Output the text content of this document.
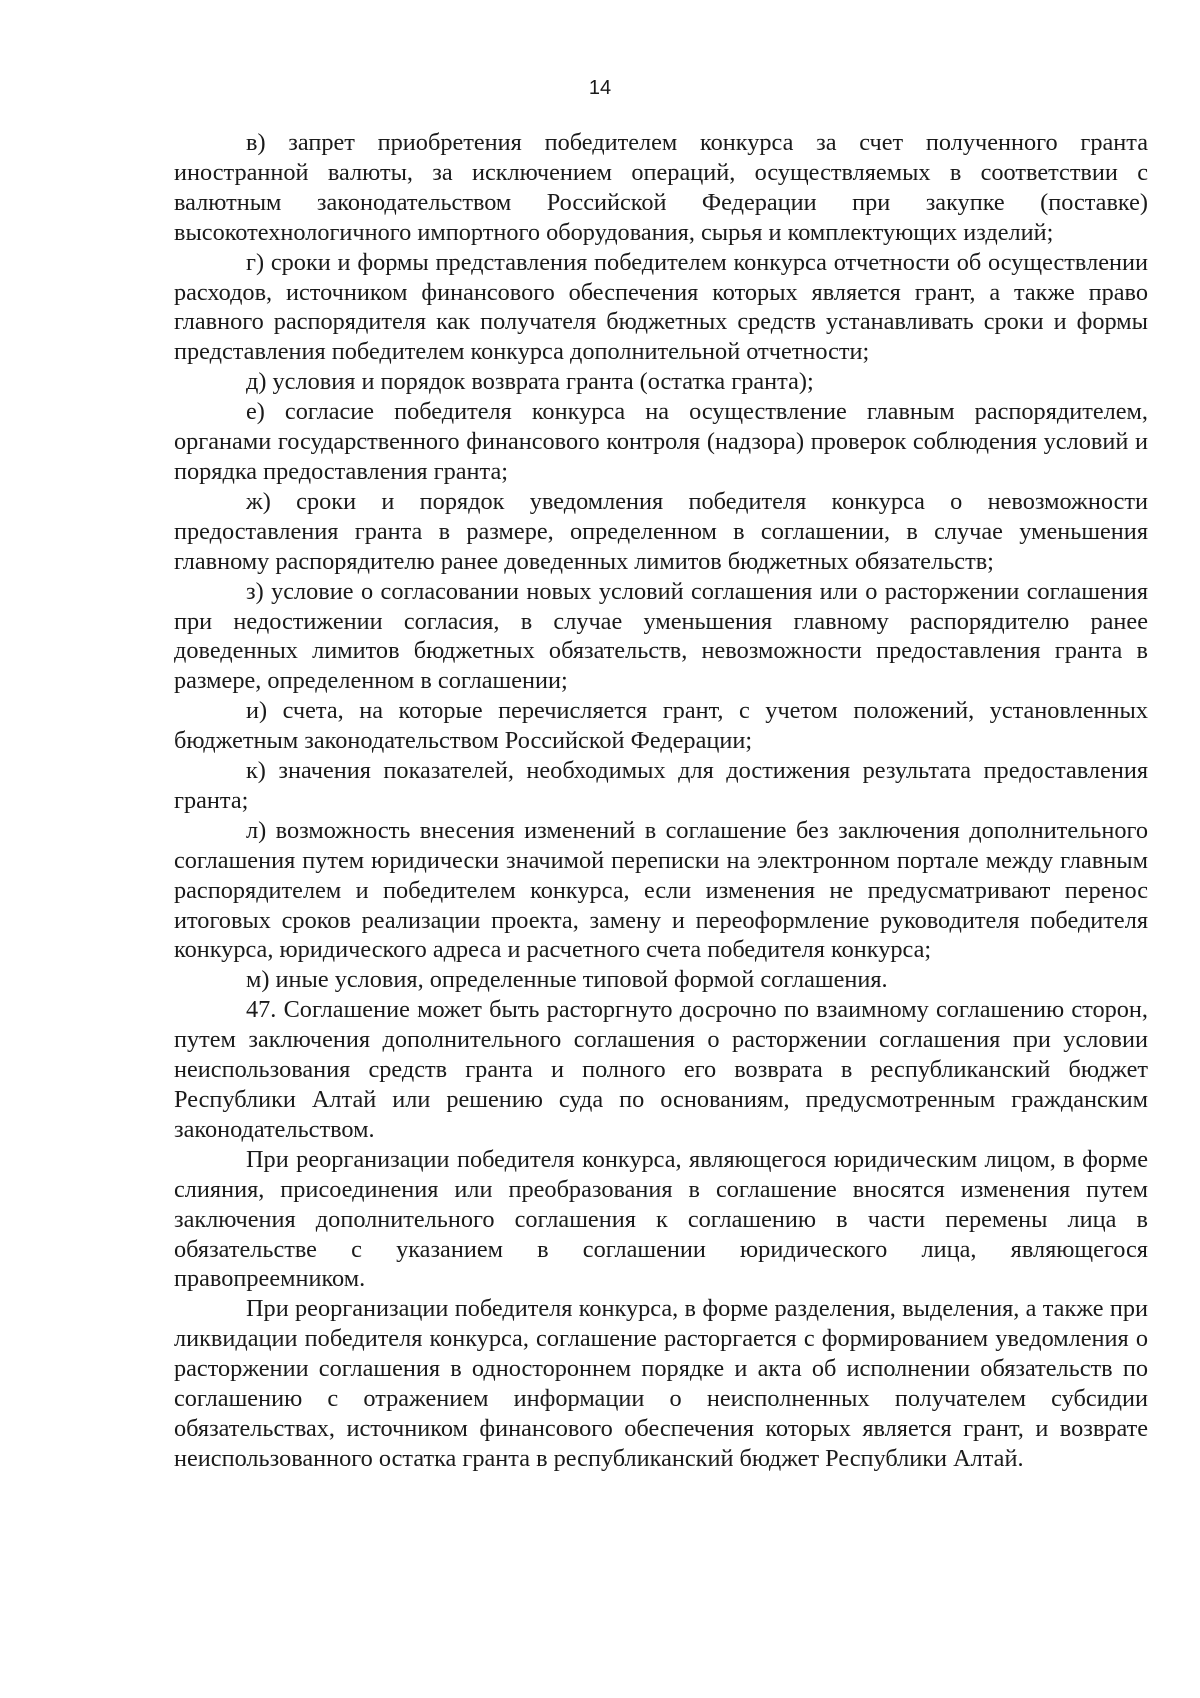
14

в) запрет приобретения победителем конкурса за счет полученного гранта иностранной валюты, за исключением операций, осуществляемых в соответствии с валютным законодательством Российской Федерации при закупке (поставке) высокотехнологичного импортного оборудования, сырья и комплектующих изделий;

г) сроки и формы представления победителем конкурса отчетности об осуществлении расходов, источником финансового обеспечения которых является грант, а также право главного распорядителя как получателя бюджетных средств устанавливать сроки и формы представления победителем конкурса дополнительной отчетности;

д) условия и порядок возврата гранта (остатка гранта);

е) согласие победителя конкурса на осуществление главным распорядителем, органами государственного финансового контроля (надзора) проверок соблюдения условий и порядка предоставления гранта;

ж) сроки и порядок уведомления победителя конкурса о невозможности предоставления гранта в размере, определенном в соглашении, в случае уменьшения главному распорядителю ранее доведенных лимитов бюджетных обязательств;

з) условие о согласовании новых условий соглашения или о расторжении соглашения при недостижении согласия, в случае уменьшения главному распорядителю ранее доведенных лимитов бюджетных обязательств, невозможности предоставления гранта в размере, определенном в соглашении;

и) счета, на которые перечисляется грант, с учетом положений, установленных бюджетным законодательством Российской Федерации;

к) значения показателей, необходимых для достижения результата предоставления гранта;

л) возможность внесения изменений в соглашение без заключения дополнительного соглашения путем юридически значимой переписки на электронном портале между главным распорядителем и победителем конкурса, если изменения не предусматривают перенос итоговых сроков реализации проекта, замену и переоформление руководителя победителя конкурса, юридического адреса и расчетного счета победителя конкурса;

м) иные условия, определенные типовой формой соглашения.

47. Соглашение может быть расторгнуто досрочно по взаимному соглашению сторон, путем заключения дополнительного соглашения о расторжении соглашения при условии неиспользования средств гранта и полного его возврата в республиканский бюджет Республики Алтай или решению суда по основаниям, предусмотренным гражданским законодательством.

При реорганизации победителя конкурса, являющегося юридическим лицом, в форме слияния, присоединения или преобразования в соглашение вносятся изменения путем заключения дополнительного соглашения к соглашению в части перемены лица в обязательстве с указанием в соглашении юридического лица, являющегося правопреемником.

При реорганизации победителя конкурса, в форме разделения, выделения, а также при ликвидации победителя конкурса, соглашение расторгается с формированием уведомления о расторжении соглашения в одностороннем порядке и акта об исполнении обязательств по соглашению с отражением информации о неисполненных получателем субсидии обязательствах, источником финансового обеспечения которых является грант, и возврате неиспользованного остатка гранта в республиканский бюджет Республики Алтай.
